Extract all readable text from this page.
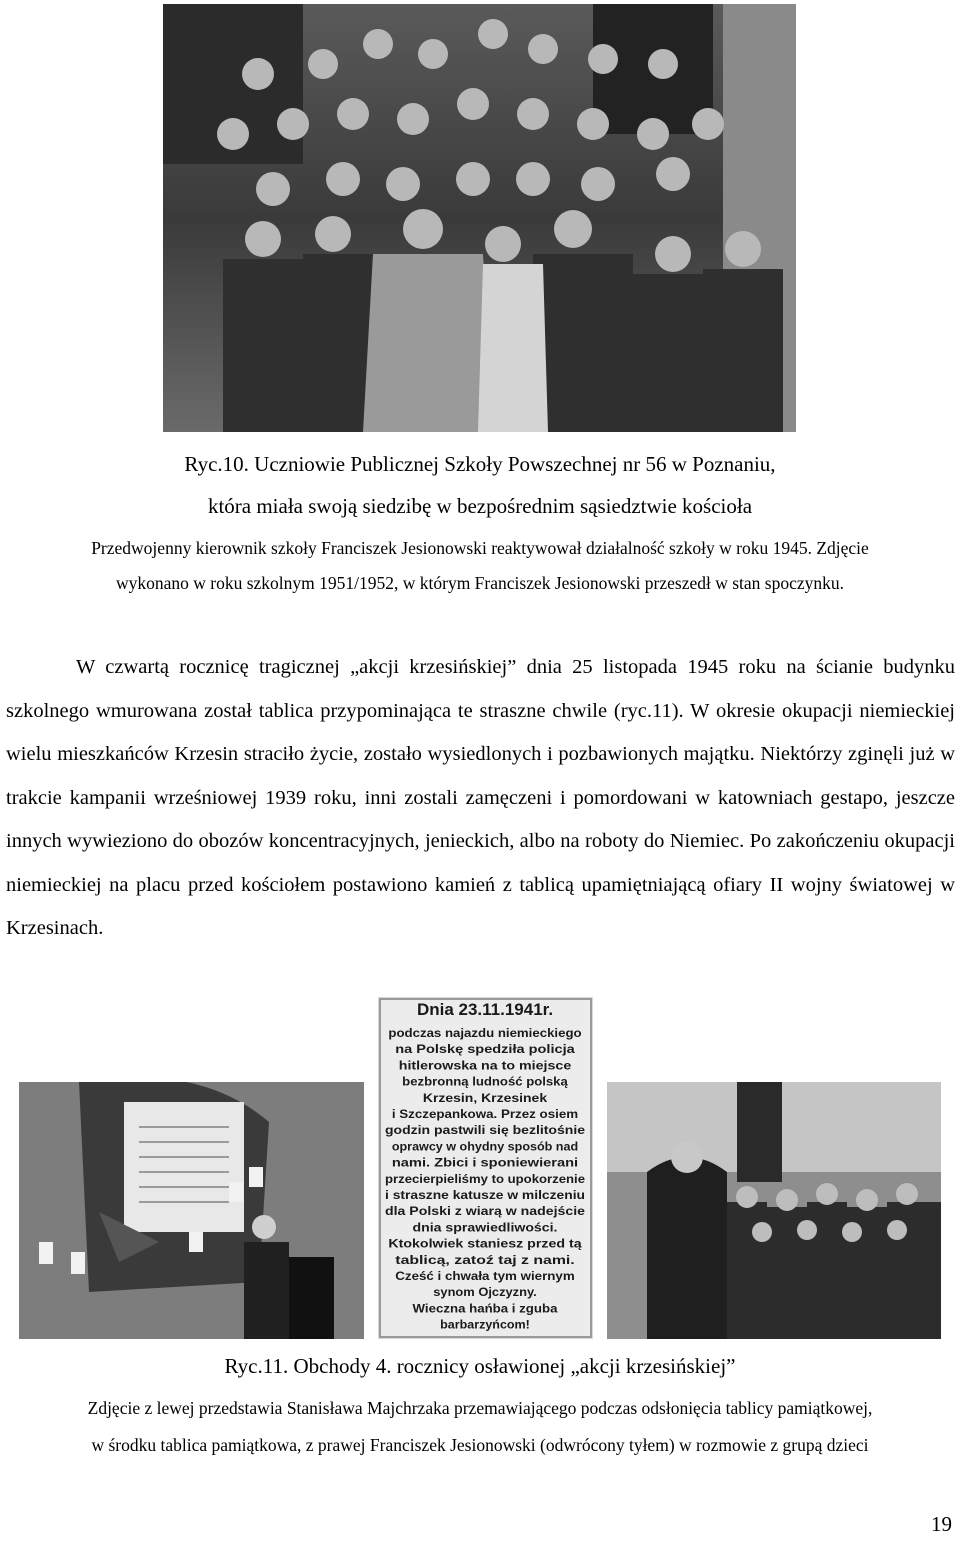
Ryc.10. Uczniowie Publicznej Szkoły Powszechnej nr 56 w Poznaniu,
która miała swoją siedzibę w bezpośrednim sąsiedztwie kościoła
Przedwojenny kierownik szkoły Franciszek Jesionowski reaktywował działalność szkoły w roku 1945. Zdjęcie
wykonano w roku szkolnym 1951/1952, w którym Franciszek Jesionowski przeszedł w stan spoczynku.
W czwartą rocznicę tragicznej „akcji krzesińskiej” dnia 25 listopada 1945 roku na ścianie budynku szkolnego wmurowana został tablica przypominająca te straszne chwile (ryc.11). W okresie okupacji niemieckiej wielu mieszkańców Krzesin straciło życie, zostało wysiedlonych i pozbawionych majątku. Niektórzy zginęli już w trakcie kampanii wrześniowej 1939 roku, inni zostali zamęczeni i pomordowani w katowniach gestapo, jeszcze innych wywieziono do obozów koncentracyjnych, jenieckich, albo na roboty do Niemiec. Po zakończeniu okupacji niemieckiej na placu przed kościołem postawiono kamień z tablicą upamiętniającą ofiary II wojny światowej w Krzesinach.
Dnia 23.11.1941r.
podczas najazdu niemieckiego
na Polskę spedziła policja
hitlerowska na to miejsce
bezbronną ludność polską
Krzesin, Krzesinek
i Szczepankowa. Przez osiem
godzin pastwili się bezlitośnie
oprawcy w ohydny sposób nad
nami. Zbici i sponiewierani
przecierpieliśmy to upokorzenie
i straszne katusze w milczeniu
dla Polski z wiarą w nadejście
dnia sprawiedliwości.
Ktokolwiek staniesz przed tą
tablicą, zatoź taj z nami.
Cześć i chwała tym wiernym
synom Ojczyzny.
Wieczna hańba i zguba
barbarzyńcom!
Ryc.11. Obchody 4. rocznicy osławionej „akcji krzesińskiej”
Zdjęcie z lewej przedstawia Stanisława Majchrzaka przemawiającego podczas odsłonięcia tablicy pamiątkowej,
w środku tablica pamiątkowa, z prawej Franciszek Jesionowski (odwrócony tyłem) w rozmowie z grupą dzieci
19
